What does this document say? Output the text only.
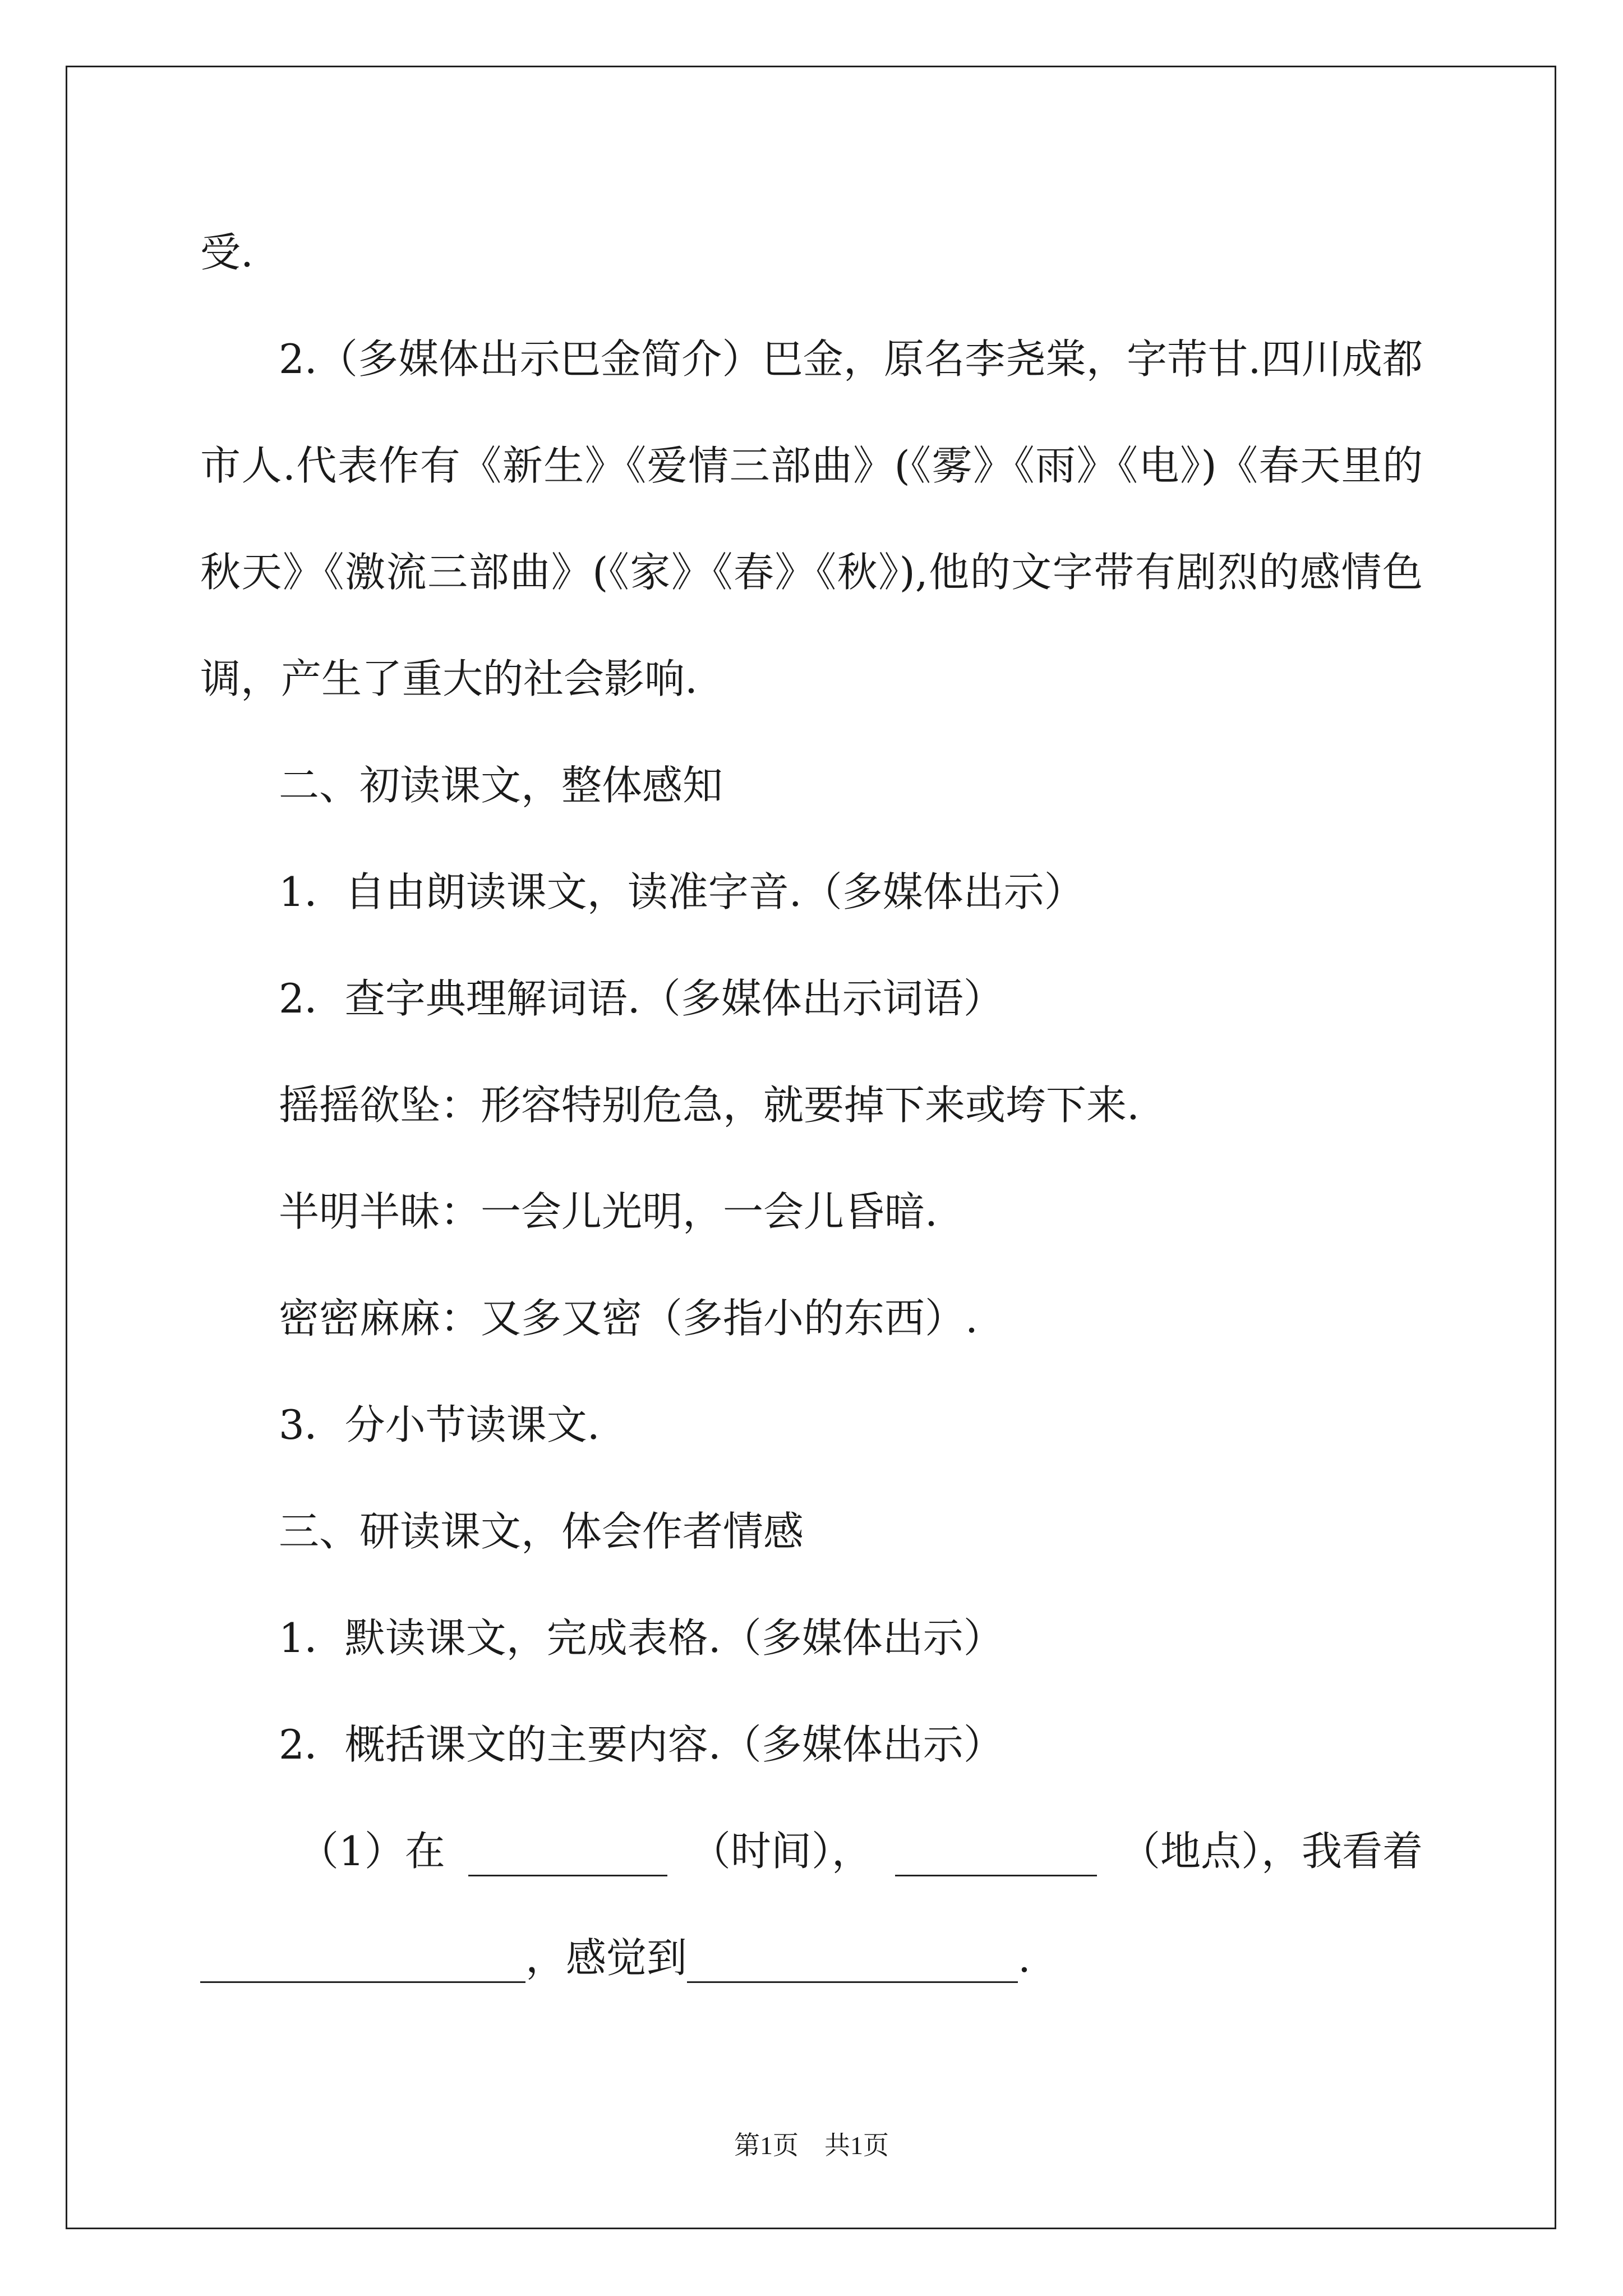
受.
2.（多媒体出示巴金简介）巴金，原名李尧棠，字芾甘.四川成都
市人.代表作有《新生》《爱情三部曲》(《雾》《雨》《电》)《春天里的
秋天》《激流三部曲》(《家》《春》《秋》),他的文字带有剧烈的感情色
调，产生了重大的社会影响.
二、初读课文，整体感知
1．自由朗读课文，读准字音.（多媒体出示）
2．查字典理解词语.（多媒体出示词语）
摇摇欲坠：形容特别危急，就要掉下来或垮下来.
半明半昧：一会儿光明，一会儿昏暗.
密密麻麻：又多又密（多指小的东西）.
3．分小节读课文.
三、研读课文，体会作者情感
1．默读课文，完成表格.（多媒体出示）
2．概括课文的主要内容.（多媒体出示）
（1）在	（时间），	（地点），我看着
，感觉到	.
第1页　共1页
